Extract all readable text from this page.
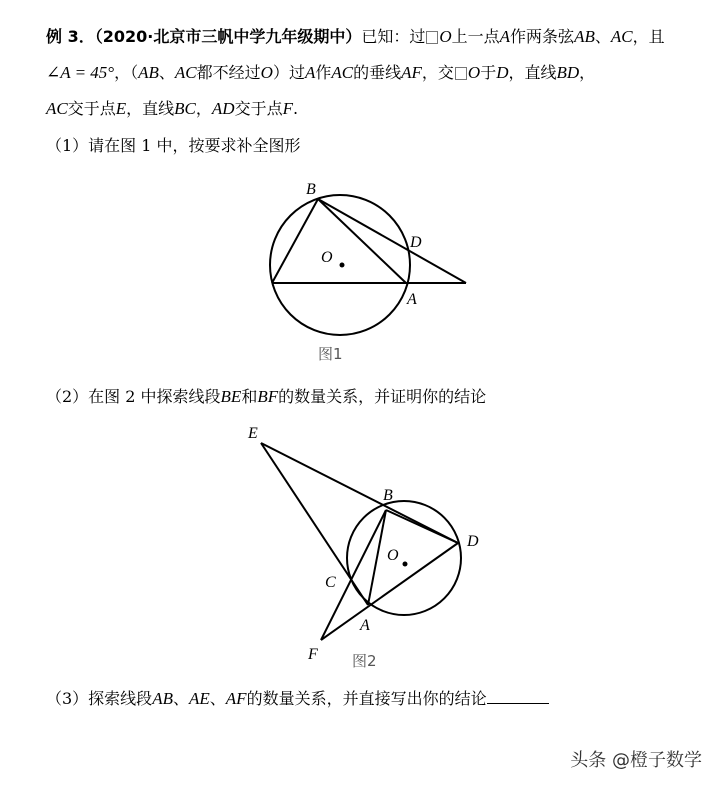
例 3．（2020·北京市三帆中学九年级期中）已知：过 O上一点A作两条弦AB、AC，且
∠A = 45°，（AB、AC都不经过O）过A作AC的垂线AF，交 O于D，直线BD，
AC交于点E，直线BC，AD交于点F.
（1）请在图 1 中，按要求补全图形
（2）在图 2 中探索线段BE和BF的数量关系，并证明你的结论
（3）探索线段AB、AE、AF的数量关系，并直接写出你的结论
B
D
O
A
图1
E
B
D
O
C
A
F 图2
头条 @橙子数学
